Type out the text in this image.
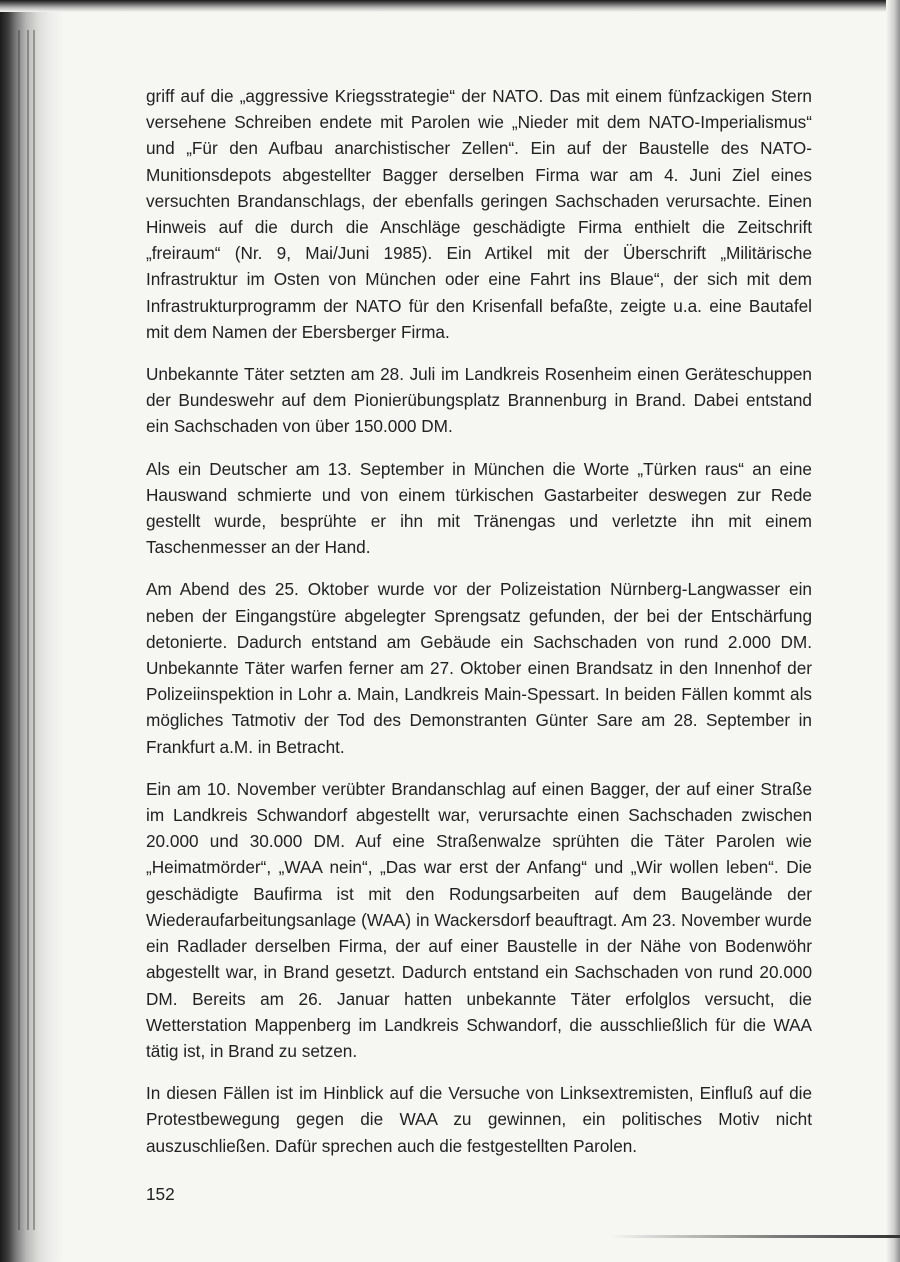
griff auf die „aggressive Kriegsstrategie“ der NATO. Das mit einem fünfzackigen Stern versehene Schreiben endete mit Parolen wie „Nieder mit dem NATO-Imperialismus“ und „Für den Aufbau anarchistischer Zellen“. Ein auf der Baustelle des NATO-Munitionsdepots abgestellter Bagger derselben Firma war am 4. Juni Ziel eines versuchten Brandanschlags, der ebenfalls geringen Sachschaden verursachte. Einen Hinweis auf die durch die Anschläge geschädigte Firma enthielt die Zeitschrift „freiraum“ (Nr. 9, Mai/Juni 1985). Ein Artikel mit der Überschrift „Militärische Infrastruktur im Osten von München oder eine Fahrt ins Blaue“, der sich mit dem Infrastrukturprogramm der NATO für den Krisenfall befaßte, zeigte u.a. eine Bautafel mit dem Namen der Ebersberger Firma.

Unbekannte Täter setzten am 28. Juli im Landkreis Rosenheim einen Geräteschuppen der Bundeswehr auf dem Pionierübungsplatz Brannenburg in Brand. Dabei entstand ein Sachschaden von über 150.000 DM.

Als ein Deutscher am 13. September in München die Worte „Türken raus“ an eine Hauswand schmierte und von einem türkischen Gastarbeiter deswegen zur Rede gestellt wurde, besprühte er ihn mit Tränengas und verletzte ihn mit einem Taschenmesser an der Hand.

Am Abend des 25. Oktober wurde vor der Polizeistation Nürnberg-Langwasser ein neben der Eingangstüre abgelegter Sprengsatz gefunden, der bei der Entschärfung detonierte. Dadurch entstand am Gebäude ein Sachschaden von rund 2.000 DM. Unbekannte Täter warfen ferner am 27. Oktober einen Brandsatz in den Innenhof der Polizeiinspektion in Lohr a. Main, Landkreis Main-Spessart. In beiden Fällen kommt als mögliches Tatmotiv der Tod des Demonstranten Günter Sare am 28. September in Frankfurt a.M. in Betracht.

Ein am 10. November verübter Brandanschlag auf einen Bagger, der auf einer Straße im Landkreis Schwandorf abgestellt war, verursachte einen Sachschaden zwischen 20.000 und 30.000 DM. Auf eine Straßenwalze sprühten die Täter Parolen wie „Heimatmörder“, „WAA nein“, „Das war erst der Anfang“ und „Wir wollen leben“. Die geschädigte Baufirma ist mit den Rodungsarbeiten auf dem Baugelände der Wiederaufarbeitungsanlage (WAA) in Wackersdorf beauftragt. Am 23. November wurde ein Radlader derselben Firma, der auf einer Baustelle in der Nähe von Bodenwöhr abgestellt war, in Brand gesetzt. Dadurch entstand ein Sachschaden von rund 20.000 DM. Bereits am 26. Januar hatten unbekannte Täter erfolglos versucht, die Wetterstation Mappenberg im Landkreis Schwandorf, die ausschließlich für die WAA tätig ist, in Brand zu setzen.

In diesen Fällen ist im Hinblick auf die Versuche von Linksextremisten, Einfluß auf die Protestbewegung gegen die WAA zu gewinnen, ein politisches Motiv nicht auszuschließen. Dafür sprechen auch die festgestellten Parolen.

152
